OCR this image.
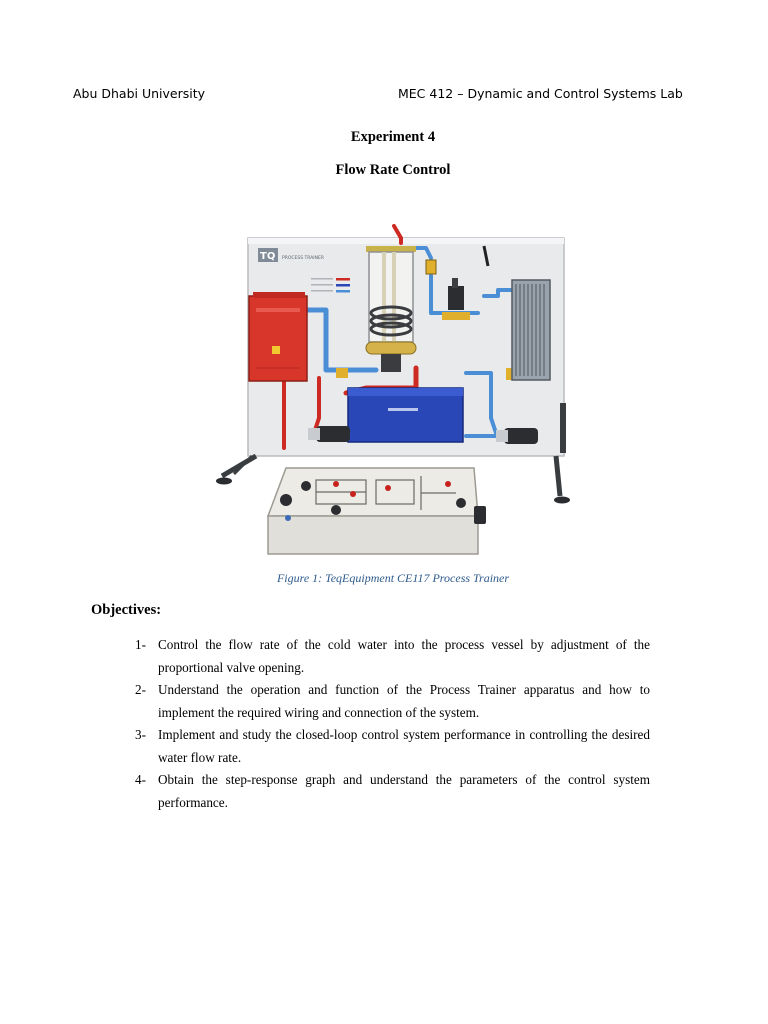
Abu Dhabi University	MEC 412 – Dynamic and Control Systems Lab
Experiment 4
Flow Rate Control
TQ PROCESS TRAINER
Figure 1: TeqEquipment CE117 Process Trainer
Objectives:

1- Control the flow rate of the cold water into the process vessel by adjustment of the proportional valve opening.

2- Understand the operation and function of the Process Trainer apparatus and how to implement the required wiring and connection of the system.

3- Implement and study the closed-loop control system performance in controlling the desired water flow rate.

4- Obtain the step-response graph and understand the parameters of the control system performance.
